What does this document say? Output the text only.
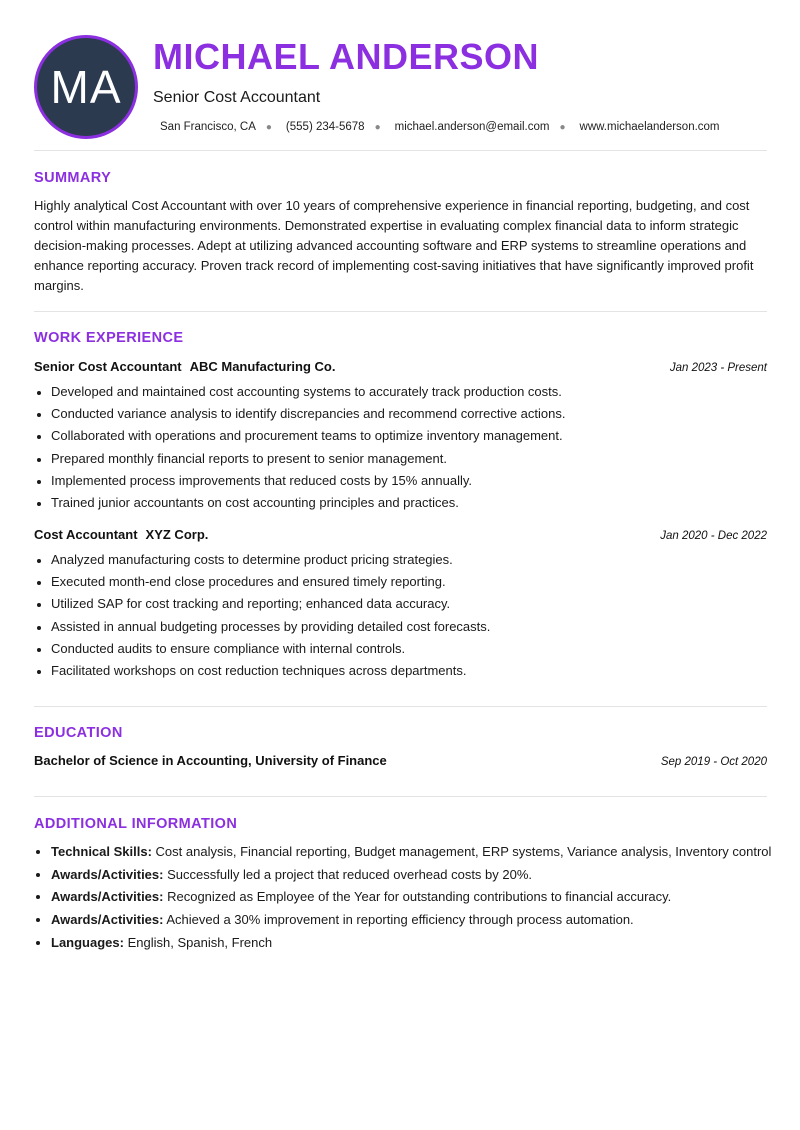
MA
MICHAEL ANDERSON
Senior Cost Accountant
San Francisco, CA ● (555) 234-5678 ● michael.anderson@email.com ● www.michaelanderson.com
SUMMARY

Highly analytical Cost Accountant with over 10 years of comprehensive experience in financial reporting, budgeting, and cost control within manufacturing environments. Demonstrated expertise in evaluating complex financial data to inform strategic decision-making processes. Adept at utilizing advanced accounting software and ERP systems to streamline operations and enhance reporting accuracy. Proven track record of implementing cost-saving initiatives that have significantly improved profit margins.

WORK EXPERIENCE
Senior Cost Accountant ABC Manufacturing Co.	Jan 2023 - Present
• Developed and maintained cost accounting systems to accurately track production costs.
• Conducted variance analysis to identify discrepancies and recommend corrective actions.
• Collaborated with operations and procurement teams to optimize inventory management.
• Prepared monthly financial reports to present to senior management.
• Implemented process improvements that reduced costs by 15% annually.
• Trained junior accountants on cost accounting principles and practices.
Cost Accountant XYZ Corp.	Jan 2020 - Dec 2022
• Analyzed manufacturing costs to determine product pricing strategies.
• Executed month-end close procedures and ensured timely reporting.
• Utilized SAP for cost tracking and reporting; enhanced data accuracy.
• Assisted in annual budgeting processes by providing detailed cost forecasts.
• Conducted audits to ensure compliance with internal controls.
• Facilitated workshops on cost reduction techniques across departments.
EDUCATION
Bachelor of Science in Accounting, University of Finance	Sep 2019 - Oct 2020
ADDITIONAL INFORMATION
• Technical Skills: Cost analysis, Financial reporting, Budget management, ERP systems, Variance analysis, Inventory control
• Awards/Activities: Successfully led a project that reduced overhead costs by 20%.
• Awards/Activities: Recognized as Employee of the Year for outstanding contributions to financial accuracy.
• Awards/Activities: Achieved a 30% improvement in reporting efficiency through process automation.
• Languages: English, Spanish, French
